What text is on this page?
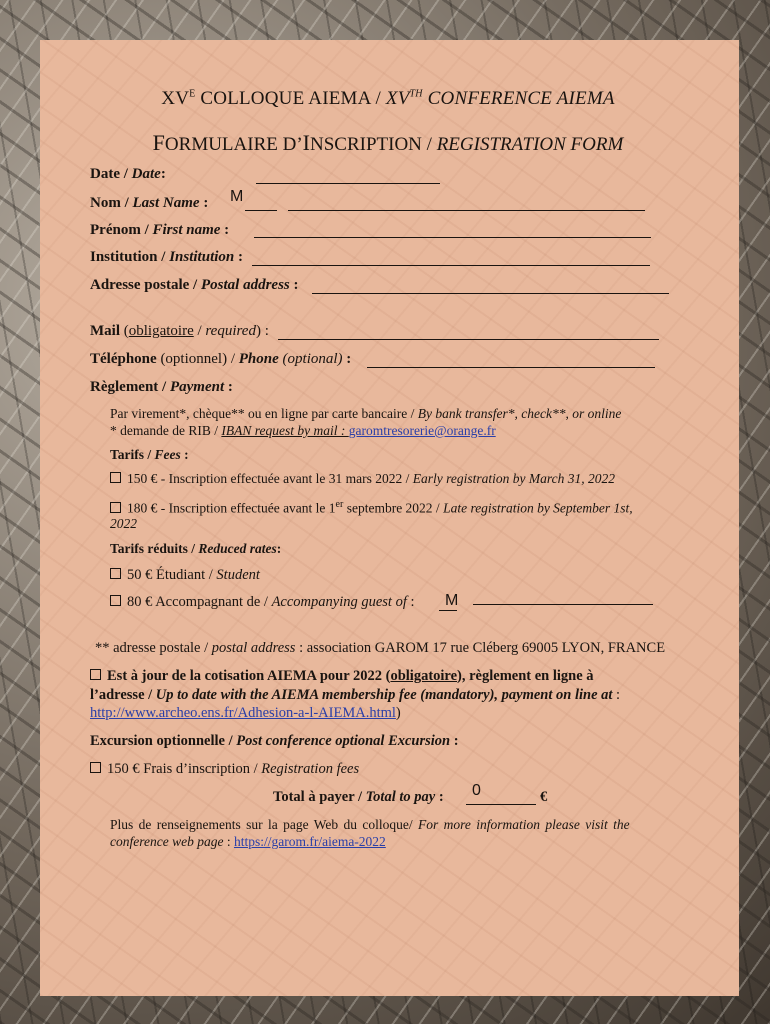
$XV^E$ COLLOQUE AIEMA / XVTH CONFERENCE AIEMA
FORMULAIRE D’INSCRIPTION / REGISTRATION FORM
Date / Date:
Nom / Last Name : M
Prénom / First name :
Institution / Institution :
Adresse postale / Postal address :
Mail (obligatoire / required) :
Téléphone (optionnel) / Phone (optional) :
Règlement / Payment :
Par virement*, chèque** ou en ligne par carte bancaire / By bank transfer*, check**, or online
* demande de RIB / IBAN request by mail : garomtresorerie@orange.fr
Tarifs / Fees :
150 € - Inscription effectuée avant le 31 mars 2022 / Early registration by March 31, 2022
180 € - Inscription effectuée avant le 1er septembre 2022 / Late registration by September 1st,
2022
Tarifs réduits / Reduced rates:
50 € Étudiant / Student
80 € Accompagnant de / Accompanying guest of : M
** adresse postale / postal address : association GAROM 17 rue Cléberg 69005 LYON, FRANCE
Est à jour de la cotisation AIEMA pour 2022 (obligatoire), règlement en ligne à
l’adresse / Up to date with the AIEMA membership fee (mandatory), payment on line at :
http://www.archeo.ens.fr/Adhesion-a-l-AIEMA.html)
Excursion optionnelle / Post conference optional Excursion :
150 € Frais d’inscription / Registration fees
Total à payer / Total to pay : 0	€
Plus de renseignements sur la page Web du colloque/ For more information please visit the
conference web page : https://garom.fr/aiema-2022
